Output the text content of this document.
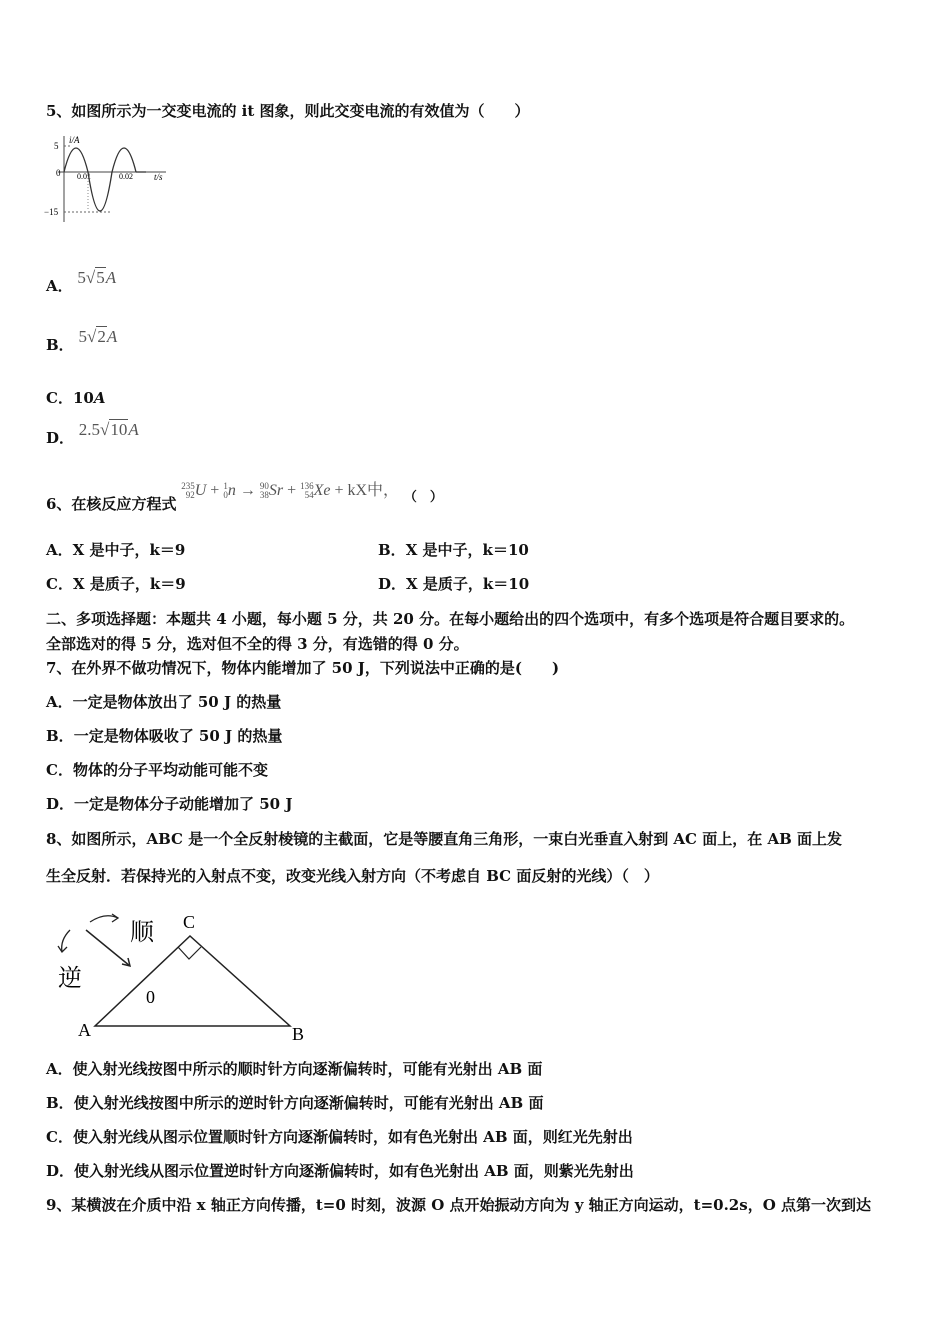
5、如图所示为一交变电流的 it 图象，则此交变电流的有效值为（　　）
i/A
t/s
5
0
−15
0.01	0.02
A． 5√5A
B． 5√2A
C．10A
D． 2.5√10A
6、在核反应方程式 235
92U + 1
0n → 90
38Sr + 136
54Xe + kX中， （　）
A．X 是中子，k＝9	B．X 是中子，k＝10
C．X 是质子，k＝9	D．X 是质子，k＝10
二、多项选择题：本题共 4 小题，每小题 5 分，共 20 分。在每小题给出的四个选项中，有多个选项是符合题目要求的。
全部选对的得 5 分，选对但不全的得 3 分，有选错的得 0 分。
7、在外界不做功情况下，物体内能增加了 50 J，下列说法中正确的是(　　)
A．一定是物体放出了 50 J 的热量
B．一定是物体吸收了 50 J 的热量
C．物体的分子平均动能可能不变
D．一定是物体分子动能增加了 50 J
8、如图所示，ABC 是一个全反射棱镜的主截面，它是等腰直角三角形，一束白光垂直入射到 AC 面上，在 AB 面上发
生全反射．若保持光的入射点不变，改变光线入射方向（不考虑自 BC 面反射的光线）（　）
C
A	B
0
顺
逆
A．使入射光线按图中所示的顺时针方向逐渐偏转时，可能有光射出 AB 面
B．使入射光线按图中所示的逆时针方向逐渐偏转时，可能有光射出 AB 面
C．使入射光线从图示位置顺时针方向逐渐偏转时，如有色光射出 AB 面，则红光先射出
D．使入射光线从图示位置逆时针方向逐渐偏转时，如有色光射出 AB 面，则紫光先射出
9、某横波在介质中沿 x 轴正方向传播，t=0 时刻，波源 O 点开始振动方向为 y 轴正方向运动，t=0.2s，O 点第一次到达
